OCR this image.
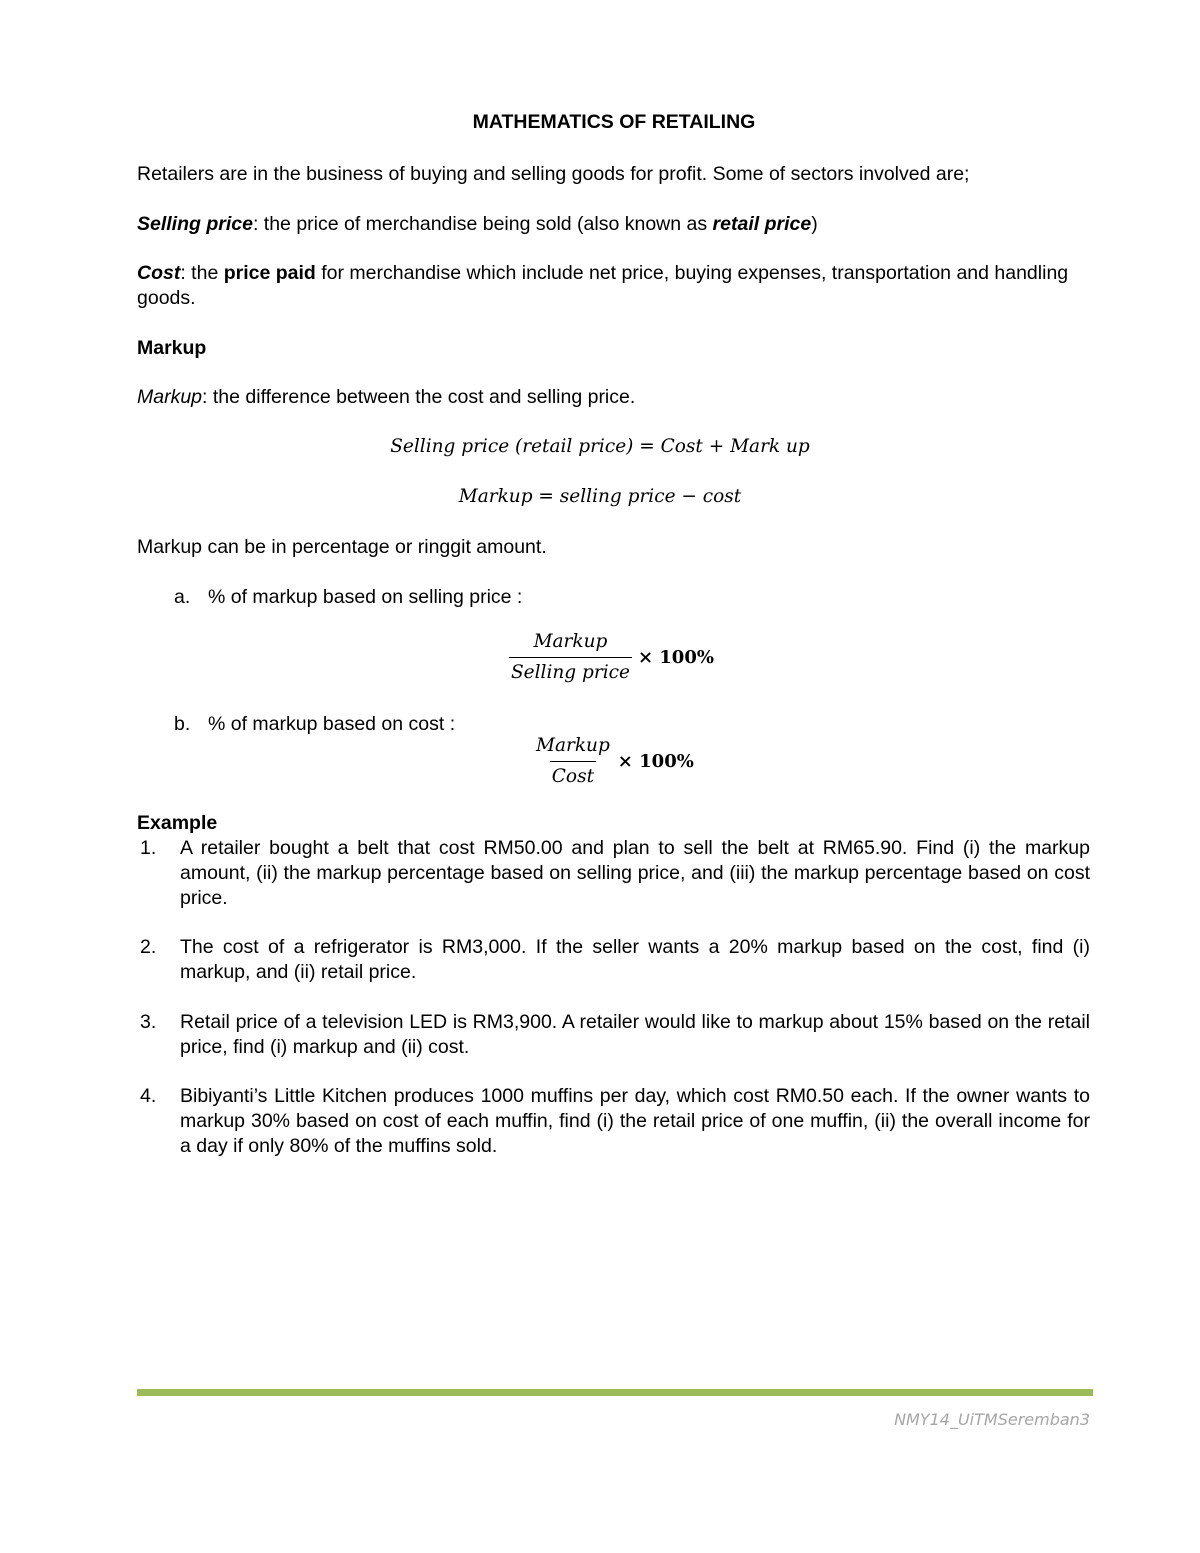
MATHEMATICS OF RETAILING
Retailers are in the business of buying and selling goods for profit. Some of sectors involved are;
Selling price: the price of merchandise being sold (also known as retail price)
Cost: the price paid for merchandise which include net price, buying expenses, transportation and handling goods.
Markup
Markup: the difference between the cost and selling price.
Selling price (retail price) = Cost + Mark up
Markup = selling price − cost
Markup can be in percentage or ringgit amount.
a. % of markup based on selling price :
$\frac{\text{Markup}}{\text{Selling price}} \times 100\%$
b. % of markup based on cost :
$\frac{\text{Markup}}{\text{Cost}} \times 100\%$
Example
1.	A retailer bought a belt that cost RM50.00 and plan to sell the belt at RM65.90. Find (i) the markup amount, (ii) the markup percentage based on selling price, and (iii) the markup percentage based on cost price.
2.	The cost of a refrigerator is RM3,000. If the seller wants a 20% markup based on the cost, find (i) markup, and (ii) retail price.
3.	Retail price of a television LED is RM3,900. A retailer would like to markup about 15% based on the retail price, find (i) markup and (ii) cost.
4.	Bibiyanti’s Little Kitchen produces 1000 muffins per day, which cost RM0.50 each. If the owner wants to markup 30% based on cost of each muffin, find (i) the retail price of one muffin, (ii) the overall income for a day if only 80% of the muffins sold.
NMY14_UiTMSeremban3
